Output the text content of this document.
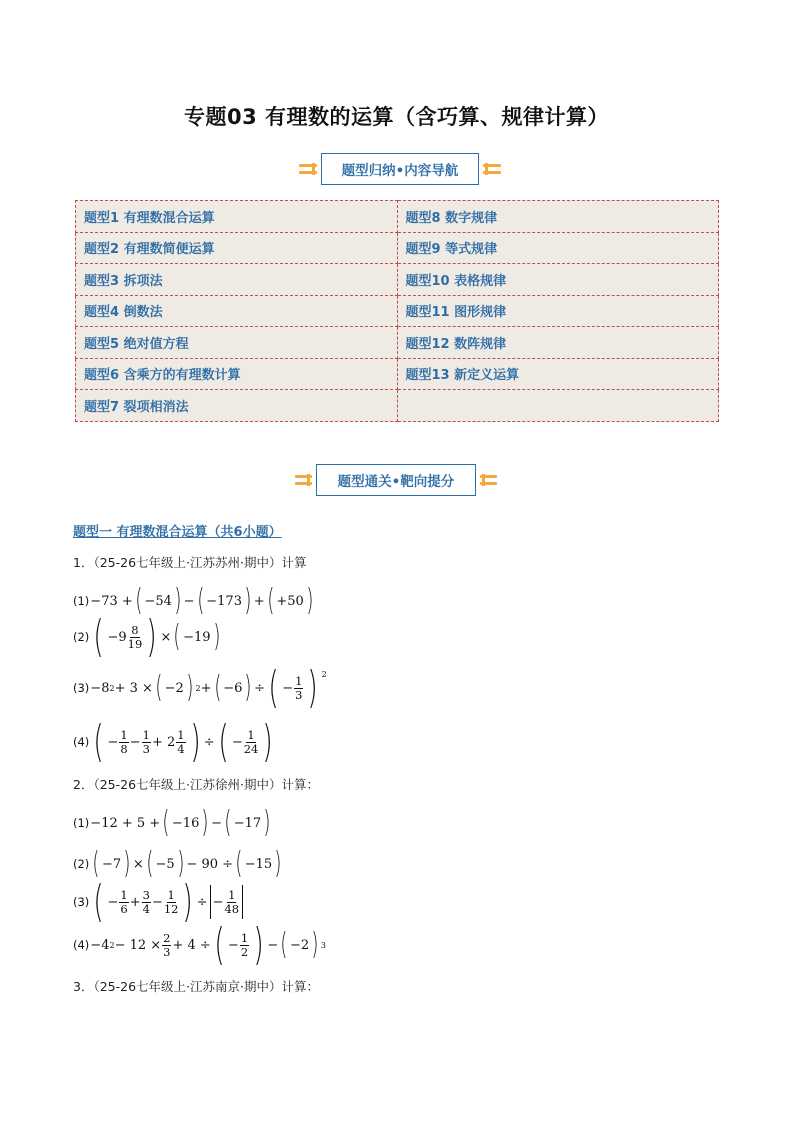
专题03 有理数的运算（含巧算、规律计算）
题型归纳•内容导航
题型1 有理数混合运算	题型8 数字规律
题型2 有理数简便运算	题型9 等式规律
题型3 拆项法	题型10 表格规律
题型4 倒数法	题型11 图形规律
题型5 绝对值方程	题型12 数阵规律
题型6 含乘方的有理数计算	题型13 新定义运算
题型7 裂项相消法	
题型通关•靶向提分
题型一 有理数混合运算（共6小题）
1．（25-26七年级上·江苏苏州·期中）计算
(1) −73 + ( −54 ) − ( −173 ) + ( +50 )
(2) ( $-9 \frac{8}{19}$ ) × ( −19 )
(3) −8 2 + 3 × ( −2 ) 2 + ( −6 ) ÷ ( − $\frac{1}{3}$ ) $^2$
(4) ( − $\frac{1}{8} - \frac{1}{3} + 2 \frac{1}{4}$ ) ÷ ( − $\frac{1}{24}$ )
2．（25-26七年级上·江苏徐州·期中）计算：
(1) −12 + 5 + ( −16 ) − ( −17 )
(2) ( −7 ) × ( −5 ) − 90 ÷ ( −15 )
(3) ( − $\frac{1}{6} + \frac{3}{4} - \frac{1}{12}$ ) ÷
− $\frac{1}{48}$
(4) −4 $2 - 12 \times \frac{2}{3} + 4$ ÷ ( − $\frac{1}{2}$ ) − ( −2 ) 3
3．（25-26七年级上·江苏南京·期中）计算：
